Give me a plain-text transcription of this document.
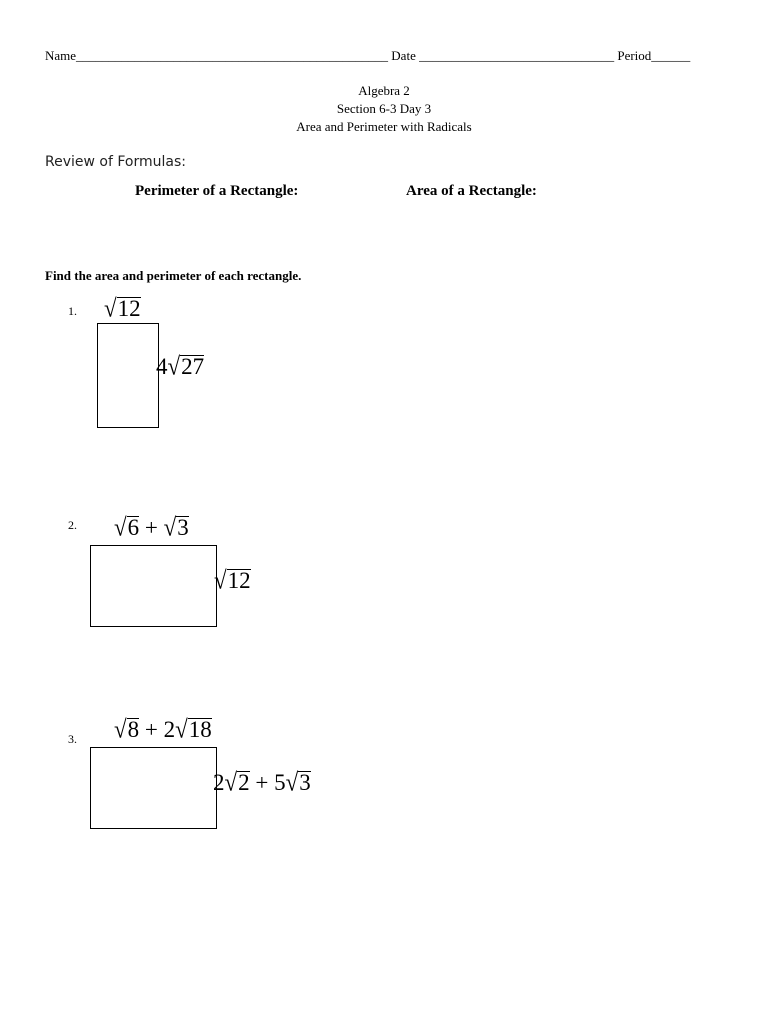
Name________________________________________________ Date ______________________________ Period______
Algebra 2
Section 6-3 Day 3
Area and Perimeter with Radicals
Review of Formulas:
Perimeter of a Rectangle:	Area of a Rectangle:
Find the area and perimeter of each rectangle.
1. √12
4√27
2. √6 + √3
√12
3. √8 + 2√18
2√2 + 5√3
